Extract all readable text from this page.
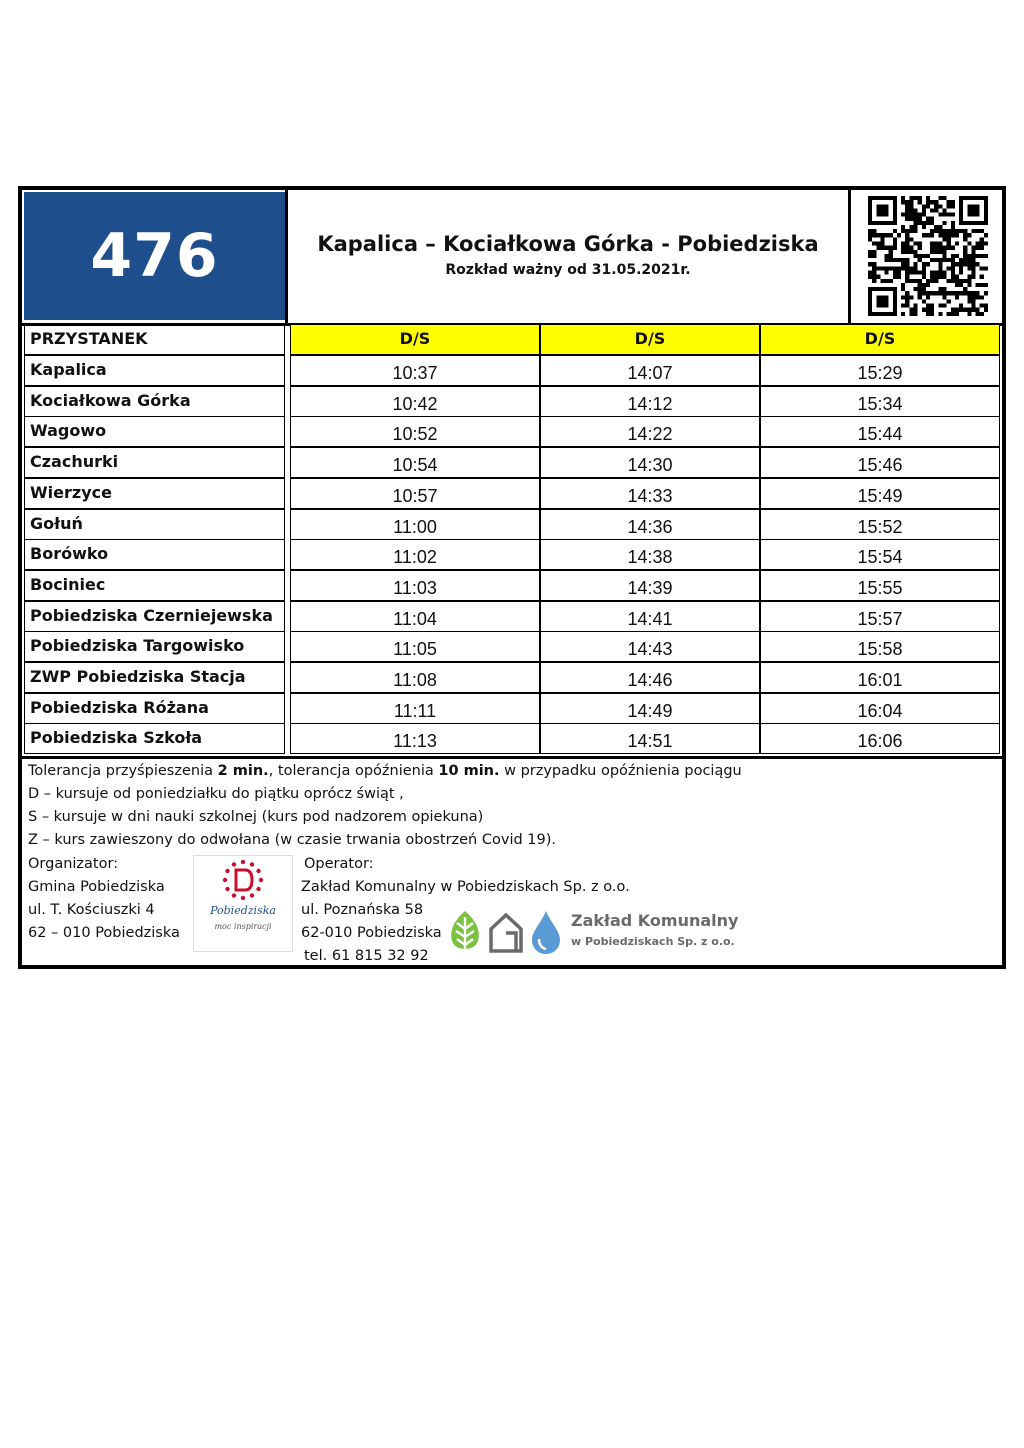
476	Kapalica – Kociałkowa Górka - Pobiedziska
Rozkład ważny od 31.05.2021r.
PRZYSTANEK	D/S	D/S	D/S
Kapalica	10:37	14:07	15:29
Kociałkowa Górka	10:42	14:12	15:34
Wagowo	10:52	14:22	15:44
Czachurki	10:54	14:30	15:46
Wierzyce	10:57	14:33	15:49
Gołuń	11:00	14:36	15:52
Borówko	11:02	14:38	15:54
Bociniec	11:03	14:39	15:55
Pobiedziska Czerniejewska	11:04	14:41	15:57
Pobiedziska Targowisko	11:05	14:43	15:58
ZWP Pobiedziska Stacja	11:08	14:46	16:01
Pobiedziska Różana	11:11	14:49	16:04
Pobiedziska Szkoła	11:13	14:51	16:06
Tolerancja przyśpieszenia 2 min., tolerancja opóźnienia 10 min. w przypadku opóźnienia pociągu
D – kursuje od poniedziałku do piątku oprócz świąt ,
S – kursuje w dni nauki szkolnej (kurs pod nadzorem opiekuna)
Z – kurs zawieszony do odwołana (w czasie trwania obostrzeń Covid 19).
Organizator:
Gmina Pobiedziska
ul. T. Kościuszki 4
62 – 010 Pobiedziska
Pobiedziska
moc inspiracji
Operator:
Zakład Komunalny w Pobiedziskach Sp. z o.o.
ul. Poznańska 58
62-010 Pobiedziska
tel. 61 815 32 92
Zakład Komunalny
w Pobiedziskach Sp. z o.o.
